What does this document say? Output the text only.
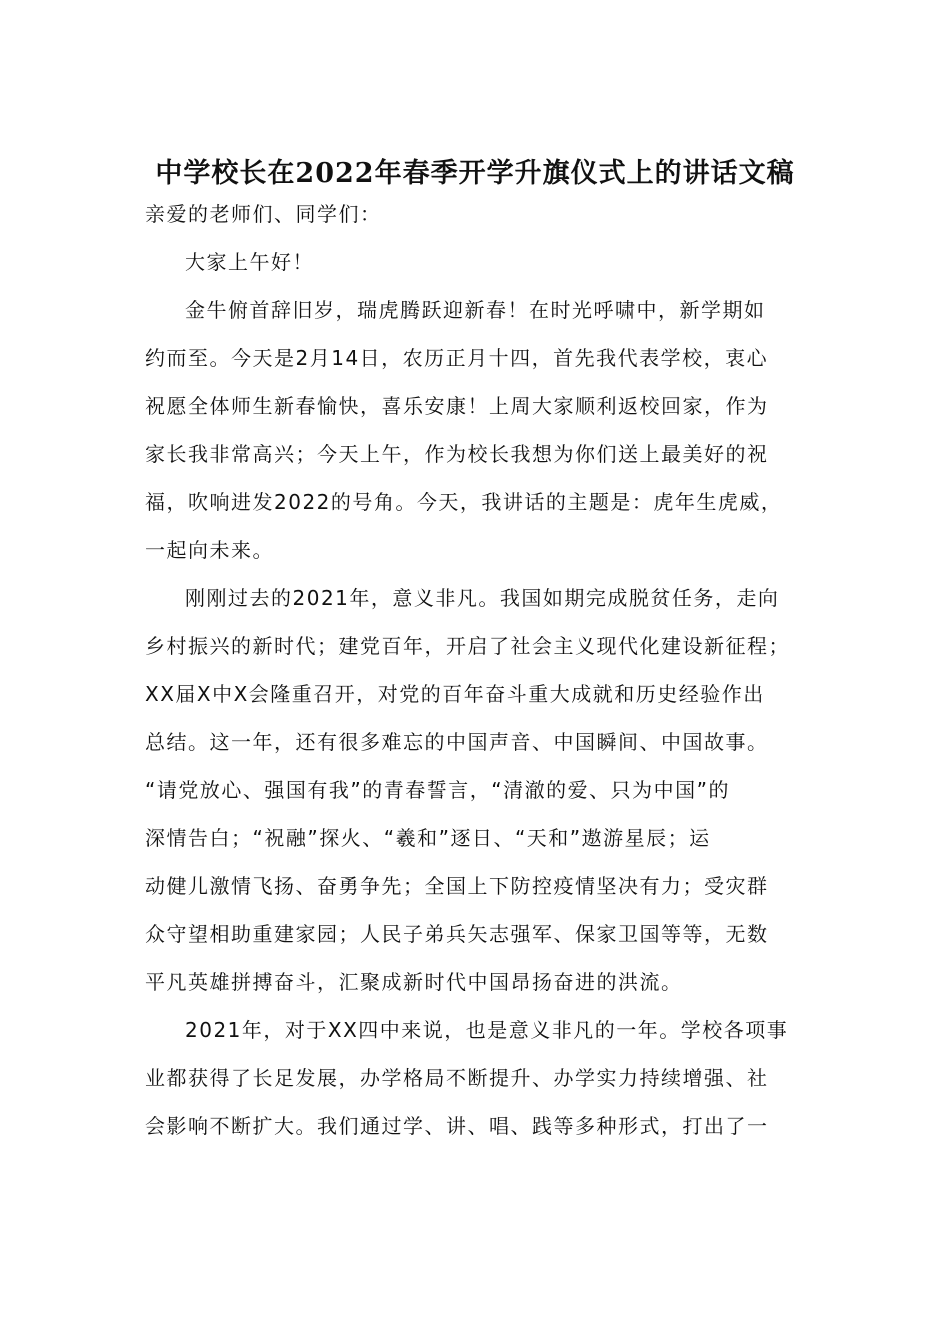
中学校长在2022年春季开学升旗仪式上的讲话文稿
亲爱的老师们、同学们：
大家上午好！
金牛俯首辞旧岁，瑞虎腾跃迎新春！在时光呼啸中，新学期如
约而至。今天是2月14日，农历正月十四，首先我代表学校，衷心
祝愿全体师生新春愉快，喜乐安康！上周大家顺利返校回家，作为
家长我非常高兴；今天上午，作为校长我想为你们送上最美好的祝
福，吹响进发2022的号角。今天，我讲话的主题是：虎年生虎威，
一起向未来。
刚刚过去的2021年，意义非凡。我国如期完成脱贫任务，走向
乡村振兴的新时代；建党百年，开启了社会主义现代化建设新征程；
XX届X中X会隆重召开，对党的百年奋斗重大成就和历史经验作出
总结。这一年，还有很多难忘的中国声音、中国瞬间、中国故事。
“请党放心、强国有我”的青春誓言，“清澈的爱、只为中国”的
深情告白；“祝融”探火、“羲和”逐日、“天和”遨游星辰；运
动健儿激情飞扬、奋勇争先；全国上下防控疫情坚决有力；受灾群
众守望相助重建家园；人民子弟兵矢志强军、保家卫国等等，无数
平凡英雄拼搏奋斗，汇聚成新时代中国昂扬奋进的洪流。
2021年，对于XX四中来说，也是意义非凡的一年。学校各项事
业都获得了长足发展，办学格局不断提升、办学实力持续增强、社
会影响不断扩大。我们通过学、讲、唱、践等多种形式，打出了一
